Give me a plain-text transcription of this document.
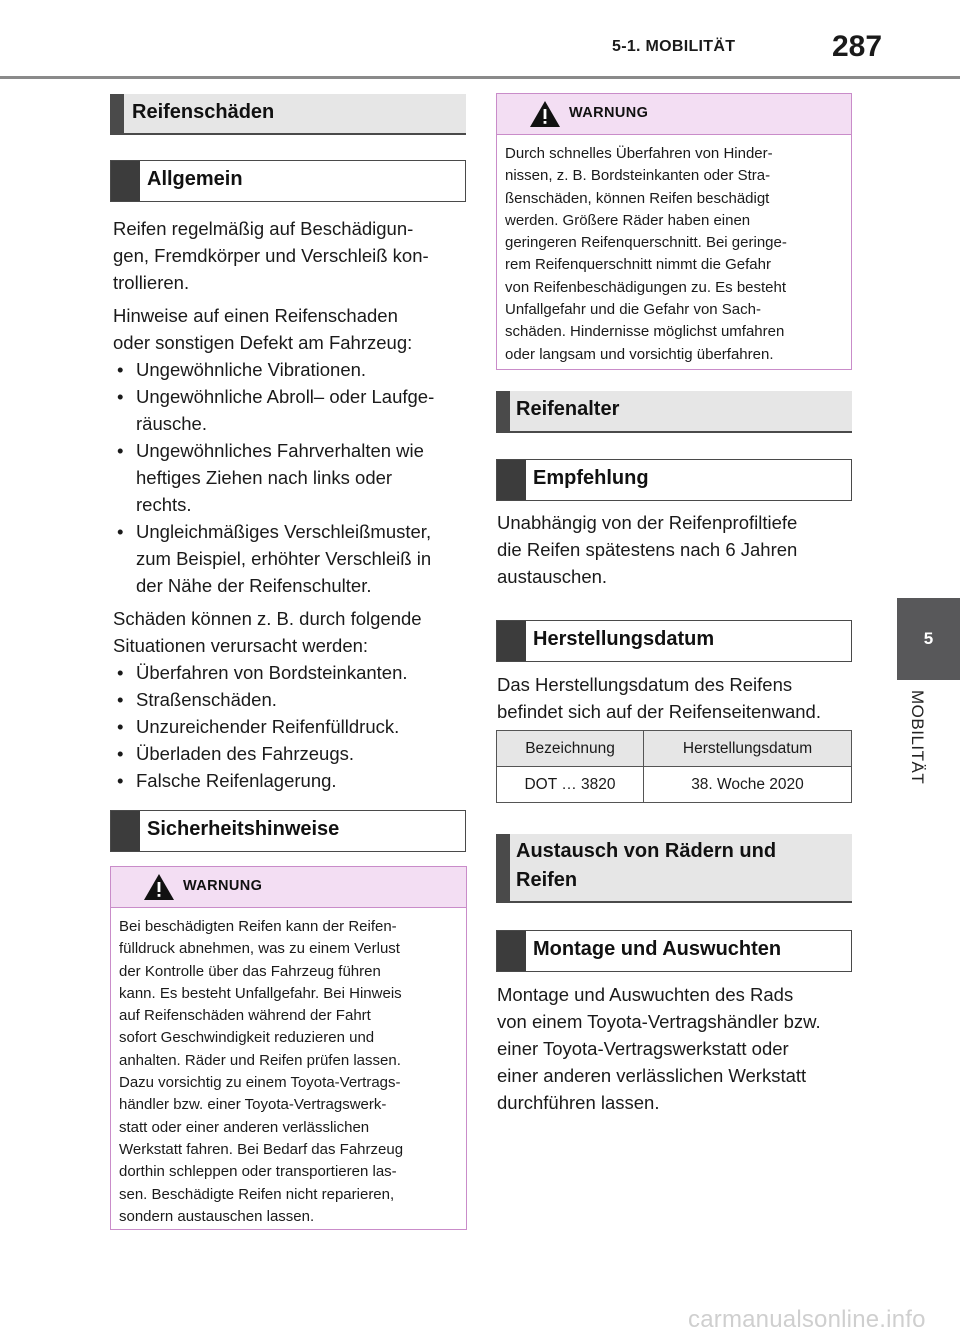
5-1. MOBILITÄT	287
5
MOBILITÄT
Reifenschäden
Allgemein

Reifen regelmäßig auf Beschädigun-
gen, Fremdkörper und Verschleiß kon-
trollieren.

Hinweise auf einen Reifenschaden
oder sonstigen Defekt am Fahrzeug:

• Ungewöhnliche Vibrationen.
• Ungewöhnliche Abroll– oder Laufge-
räusche.
• Ungewöhnliches Fahrverhalten wie
heftiges Ziehen nach links oder
rechts.
• Ungleichmäßiges Verschleißmuster,
zum Beispiel, erhöhter Verschleiß in
der Nähe der Reifenschulter.

Schäden können z. B. durch folgende
Situationen verursacht werden:

• Überfahren von Bordsteinkanten.
• Straßenschäden.
• Unzureichender Reifenfülldruck.
• Überladen des Fahrzeugs.
• Falsche Reifenlagerung.
Sicherheitshinweise
WARNUNG
Bei beschädigten Reifen kann der Reifen-
fülldruck abnehmen, was zu einem Verlust
der Kontrolle über das Fahrzeug führen
kann. Es besteht Unfallgefahr. Bei Hinweis
auf Reifenschäden während der Fahrt
sofort Geschwindigkeit reduzieren und
anhalten. Räder und Reifen prüfen lassen.
Dazu vorsichtig zu einem Toyota-Vertrags-
händler bzw. einer Toyota-Vertragswerk-
statt oder einer anderen verlässlichen
Werkstatt fahren. Bei Bedarf das Fahrzeug
dorthin schleppen oder transportieren las-
sen. Beschädigte Reifen nicht reparieren,
sondern austauschen lassen.
WARNUNG
Durch schnelles Überfahren von Hinder-
nissen, z. B. Bordsteinkanten oder Stra-
ßenschäden, können Reifen beschädigt
werden. Größere Räder haben einen
geringeren Reifenquerschnitt. Bei geringe-
rem Reifenquerschnitt nimmt die Gefahr
von Reifenbeschädigungen zu. Es besteht
Unfallgefahr und die Gefahr von Sach-
schäden. Hindernisse möglichst umfahren
oder langsam und vorsichtig überfahren.
Reifenalter
Empfehlung

Unabhängig von der Reifenprofiltiefe
die Reifen spätestens nach 6 Jahren
austauschen.

Herstellungsdatum

Das Herstellungsdatum des Reifens
befindet sich auf der Reifenseitenwand.

Bezeichnung	Herstellungsdatum
DOT … 3820	38. Woche 2020
Austausch von Rädern und
Reifen
Montage und Auswuchten

Montage und Auswuchten des Rads
von einem Toyota-Vertragshändler bzw.
einer Toyota-Vertragswerkstatt oder
einer anderen verlässlichen Werkstatt
durchführen lassen.

carmanualsonline.info
